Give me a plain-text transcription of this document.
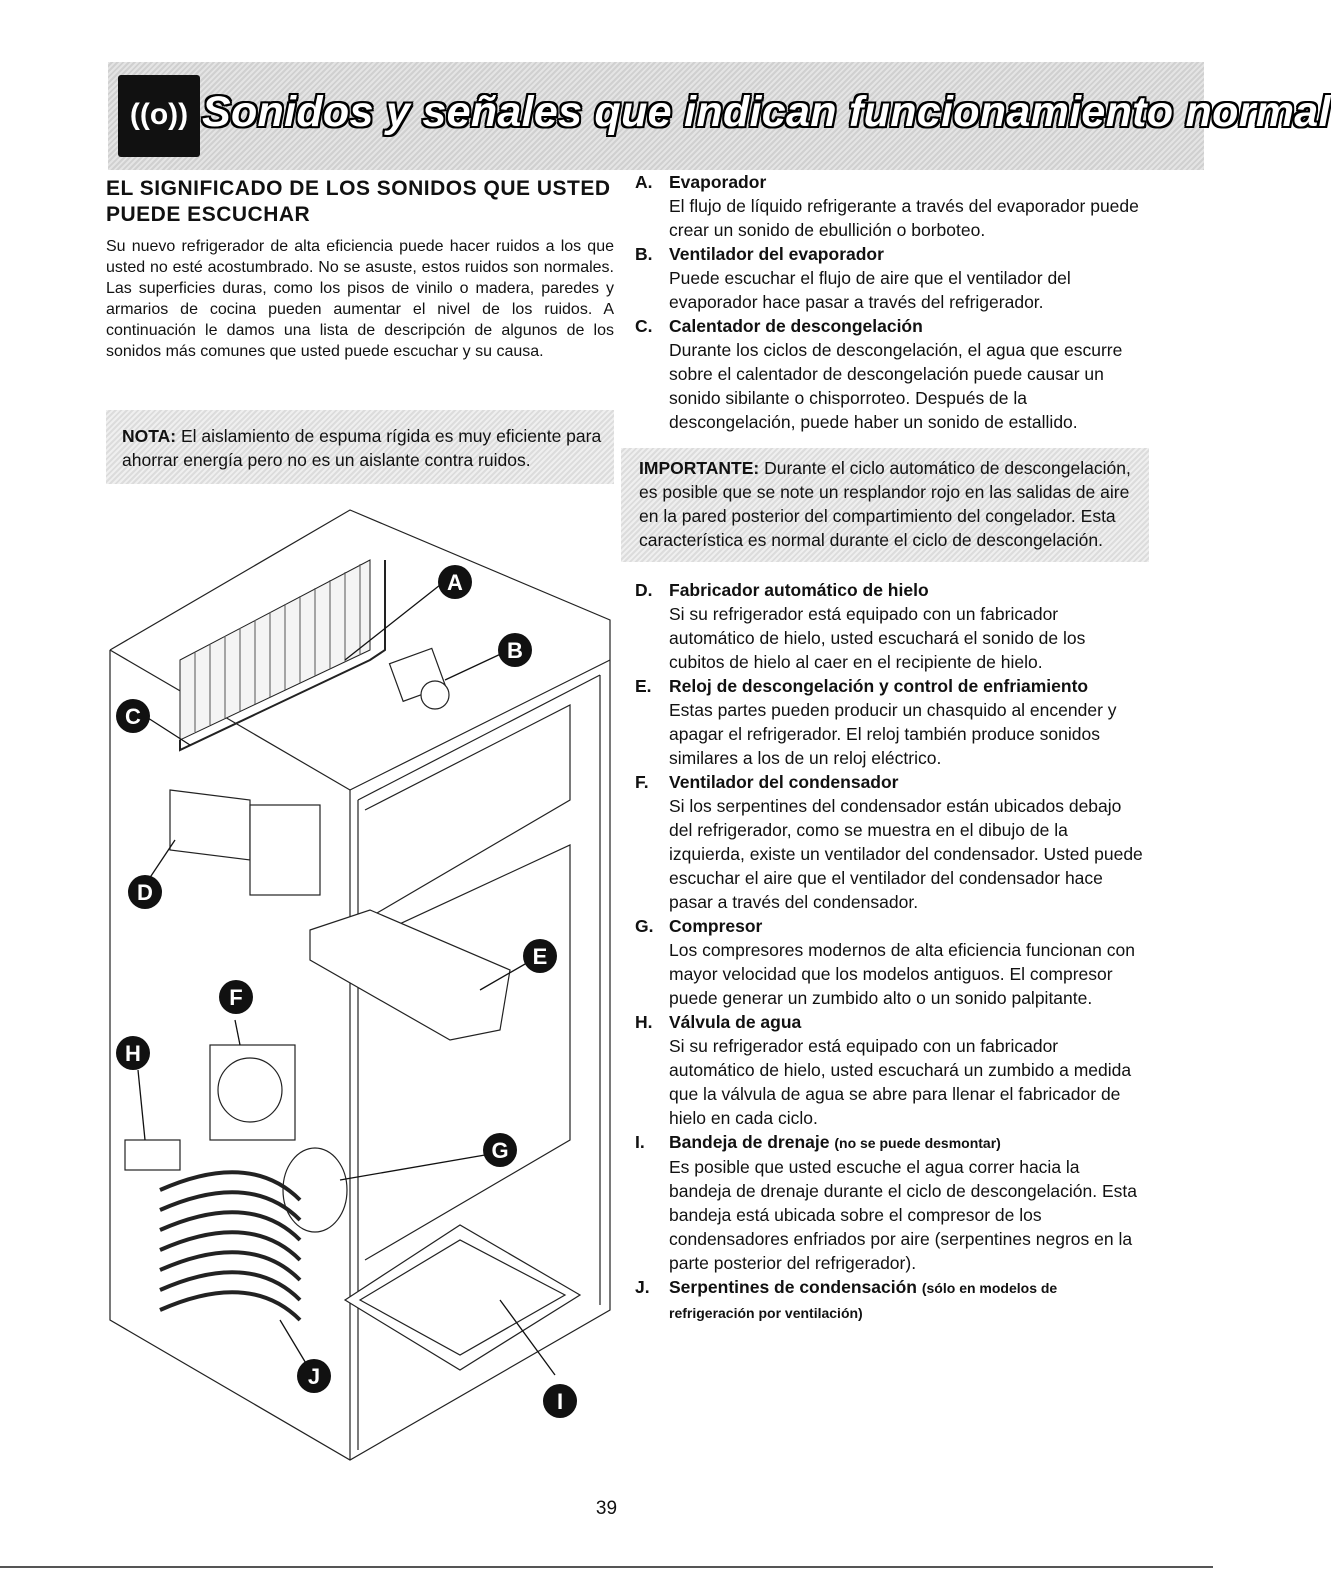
((o)) Sonidos y señales que indican funcionamiento normal
EL SIGNIFICADO DE LOS SONIDOS QUE USTED PUEDE ESCUCHAR
Su nuevo refrigerador de alta eficiencia puede hacer ruidos a los que usted no esté acostumbrado. No se asuste, estos ruidos son normales. Las superficies duras, como los pisos de vinilo o madera, paredes y armarios de cocina pueden aumentar el nivel de los ruidos. A continuación le damos una lista de descripción de algunos de los sonidos más comunes que usted puede escuchar y su causa.
NOTA: El aislamiento de espuma rígida es muy eficiente para ahorrar energía pero no es un aislante contra ruidos.
A
B
C
D
E
F
H
G
J
I
A. Evaporador
El flujo de líquido refrigerante a través del evaporador puede crear un sonido de ebullición o borboteo.
B. Ventilador del evaporador
Puede escuchar el flujo de aire que el ventilador del evaporador hace pasar a través del refrigerador.
C. Calentador de descongelación
Durante los ciclos de descongelación, el agua que escurre sobre el calentador de descongelación puede causar un sonido sibilante o chisporroteo. Después de la descongelación, puede haber un sonido de estallido.
IMPORTANTE: Durante el ciclo automático de descongelación, es posible que se note un resplandor rojo en las salidas de aire en la pared posterior del compartimiento del congelador. Esta característica es normal durante el ciclo de descongelación.
D. Fabricador automático de hielo
Si su refrigerador está equipado con un fabricador automático de hielo, usted escuchará el sonido de los cubitos de hielo al caer en el recipiente de hielo.
E. Reloj de descongelación y control de enfriamiento
Estas partes pueden producir un chasquido al encender y apagar el refrigerador. El reloj también produce sonidos similares a los de un reloj eléctrico.
F. Ventilador del condensador
Si los serpentines del condensador están ubicados debajo del refrigerador, como se muestra en el dibujo de la izquierda, existe un ventilador del condensador. Usted puede escuchar el aire que el ventilador del condensador hace pasar a través del condensador.
G. Compresor
Los compresores modernos de alta eficiencia funcionan con mayor velocidad que los modelos antiguos. El compresor puede generar un zumbido alto o un sonido palpitante.
H. Válvula de agua
Si su refrigerador está equipado con un fabricador automático de hielo, usted escuchará un zumbido a medida que la válvula de agua se abre para llenar el fabricador de hielo en cada ciclo.
I. Bandeja de drenaje (no se puede desmontar)
Es posible que usted escuche el agua correr hacia la bandeja de drenaje durante el ciclo de descongelación. Esta bandeja está ubicada sobre el compresor de los condensadores enfriados por aire (serpentines negros en la parte posterior del refrigerador).
J. Serpentines de condensación (sólo en modelos de refrigeración por ventilación)
39
